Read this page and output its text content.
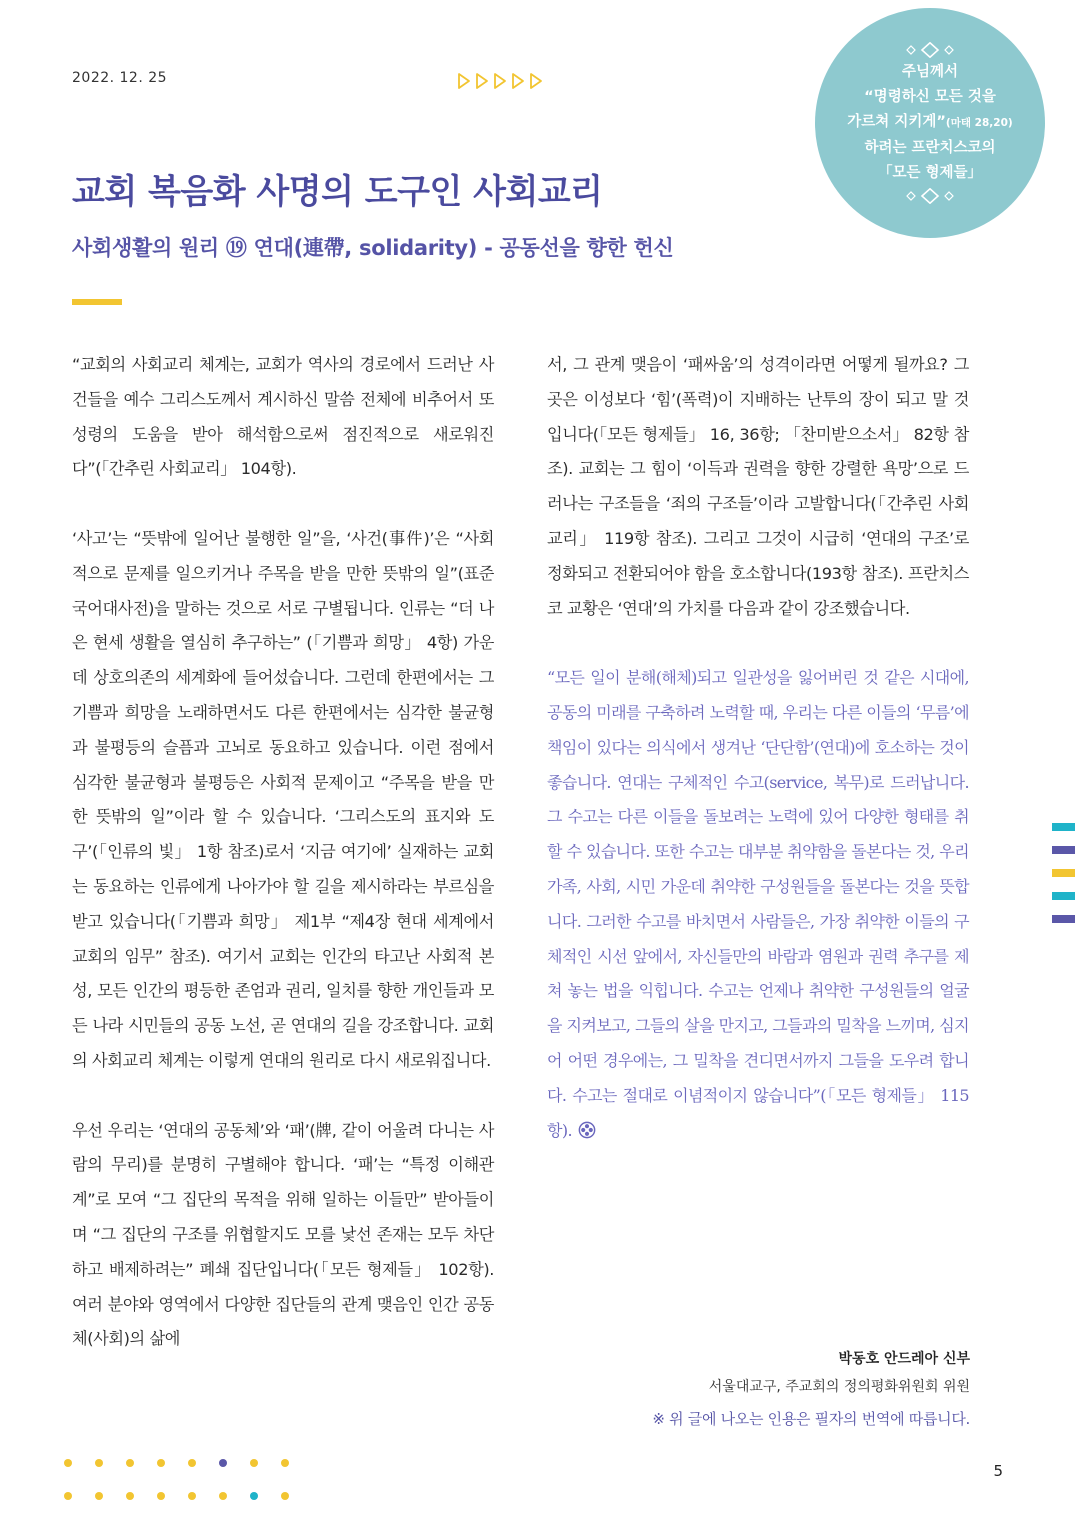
2022. 12. 25	주님께서
“명령하신 모든 것을
가르쳐 지키게”(마태 28,20)
하려는 프란치스코의
「모든 형제들」
교회 복음화 사명의 도구인 사회교리
사회생활의 원리 ⑲ 연대(連帶, solidarity) - 공동선을 향한 헌신

“교회의 사회교리 체계는, 교회가 역사의 경로에서 드러난 사건들을 예수 그리스도께서 계시하신 말씀 전체에 비추어서 또 성령의 도움을 받아 해석함으로써 점진적으로 새로워진다”(「간추린 사회교리」 104항).

‘사고’는 “뜻밖에 일어난 불행한 일”을, ‘사건(事件)’은 “사회적으로 문제를 일으키거나 주목을 받을 만한 뜻밖의 일”(표준국어대사전)을 말하는 것으로 서로 구별됩니다. 인류는 “더 나은 현세 생활을 열심히 추구하는” (「기쁨과 희망」 4항) 가운데 상호의존의 세계화에 들어섰습니다. 그런데 한편에서는 그 기쁨과 희망을 노래하면서도 다른 한편에서는 심각한 불균형과 불평등의 슬픔과 고뇌로 동요하고 있습니다. 이런 점에서 심각한 불균형과 불평등은 사회적 문제이고 “주목을 받을 만한 뜻밖의 일”이라 할 수 있습니다. ‘그리스도의 표지와 도구’(「인류의 빛」 1항 참조)로서 ‘지금 여기에’ 실재하는 교회는 동요하는 인류에게 나아가야 할 길을 제시하라는 부르심을 받고 있습니다(「기쁨과 희망」 제1부 “제4장 현대 세계에서 교회의 임무” 참조). 여기서 교회는 인간의 타고난 사회적 본성, 모든 인간의 평등한 존엄과 권리, 일치를 향한 개인들과 모든 나라 시민들의 공동 노선, 곧 연대의 길을 강조합니다. 교회의 사회교리 체계는 이렇게 연대의 원리로 다시 새로워집니다.

우선 우리는 ‘연대의 공동체’와 ‘패’(牌, 같이 어울려 다니는 사람의 무리)를 분명히 구별해야 합니다. ‘패’는 “특정 이해관계”로 모여 “그 집단의 목적을 위해 일하는 이들만” 받아들이며 “그 집단의 구조를 위협할지도 모를 낯선 존재는 모두 차단하고 배제하려는” 폐쇄 집단입니다(「모든 형제들」 102항). 여러 분야와 영역에서 다양한 집단들의 관계 맺음인 인간 공동체(사회)의 삶에

서, 그 관계 맺음이 ‘패싸움’의 성격이라면 어떻게 될까요? 그곳은 이성보다 ‘힘’(폭력)이 지배하는 난투의 장이 되고 말 것입니다(「모든 형제들」 16, 36항; 「찬미받으소서」 82항 참조). 교회는 그 힘이 ‘이득과 권력을 향한 강렬한 욕망’으로 드러나는 구조들을 ‘죄의 구조들’이라 고발합니다(「간추린 사회교리」 119항 참조). 그리고 그것이 시급히 ‘연대의 구조’로 정화되고 전환되어야 함을 호소합니다(193항 참조). 프란치스코 교황은 ‘연대’의 가치를 다음과 같이 강조했습니다.

“모든 일이 분해(해체)되고 일관성을 잃어버린 것 같은 시대에, 공동의 미래를 구축하려 노력할 때, 우리는 다른 이들의 ‘무름’에 책임이 있다는 의식에서 생겨난 ‘단단함’(연대)에 호소하는 것이 좋습니다. 연대는 구체적인 수고(service, 복무)로 드러납니다. 그 수고는 다른 이들을 돌보려는 노력에 있어 다양한 형태를 취할 수 있습니다. 또한 수고는 대부분 취약함을 돌본다는 것, 우리 가족, 사회, 시민 가운데 취약한 구성원들을 돌본다는 것을 뜻합니다. 그러한 수고를 바치면서 사람들은, 가장 취약한 이들의 구체적인 시선 앞에서, 자신들만의 바람과 염원과 권력 추구를 제쳐 놓는 법을 익힙니다. 수고는 언제나 취약한 구성원들의 얼굴을 지켜보고, 그들의 살을 만지고, 그들과의 밀착을 느끼며, 심지어 어떤 경우에는, 그 밀착을 견디면서까지 그들을 도우려 합니다. 수고는 절대로 이념적이지 않습니다”(「모든 형제들」 115항).

박동호 안드레아 신부
서울대교구, 주교회의 정의평화위원회 위원
※ 위 글에 나오는 인용은 필자의 번역에 따릅니다.
5
